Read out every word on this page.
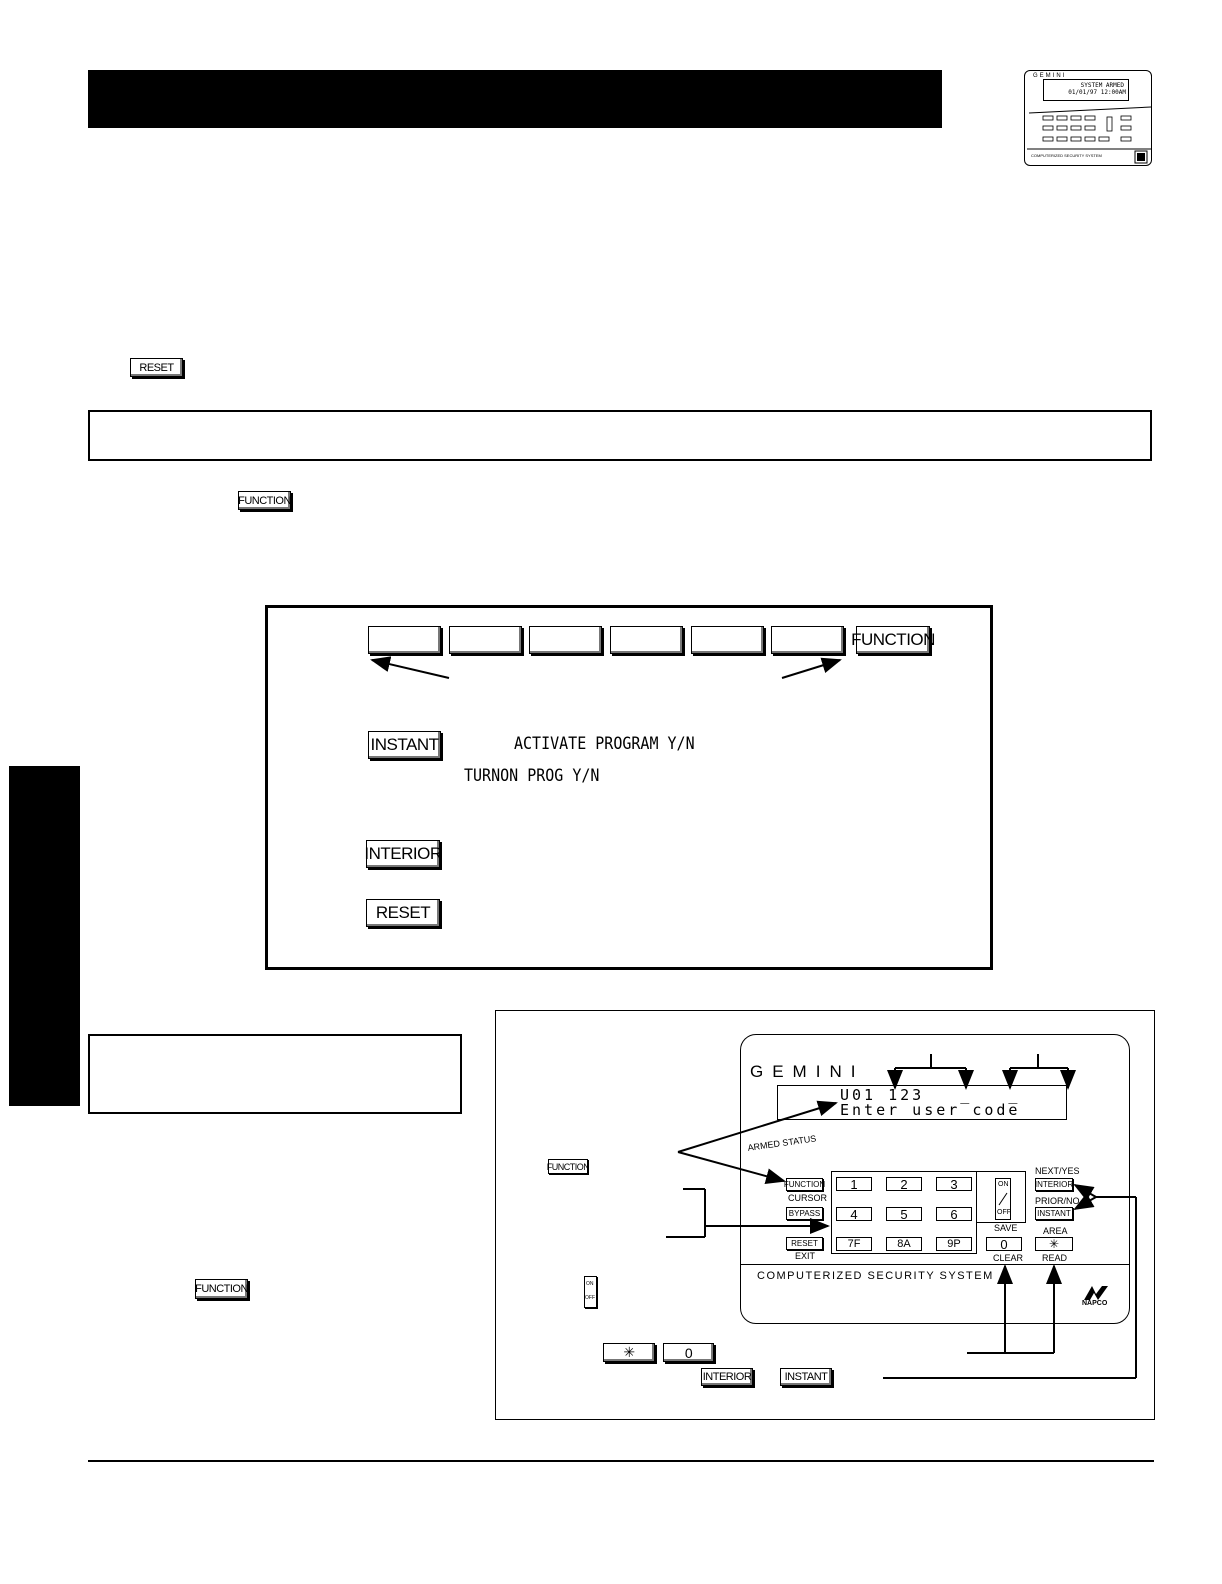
GEMINI
SYSTEM ARMED
01/01/97 12:00AM
COMPUTERIZED SECURITY SYSTEM
RESET
FUNCTION
FUNCTION
INSTANT	ACTIVATE PROGRAM Y/N
TURNON PROG Y/N
INTERIOR
RESET
FUNCTION
GEMINI
U01 123   _   _
Enter user code
ARMED STATUS
FUNCTION
CURSOR
BYPASS
RESET
EXIT
1	2	3
4	5	6
7F	8A	9P	0
ON
OFF
SAVE
CLEAR
NEXT/YES
INTERIOR
PRIOR/NO
INSTANT
AREA
✳
READ
COMPUTERIZED SECURITY SYSTEM
NAPCO
FUNCTION
ON
OFF
✳	0
INTERIOR	INSTANT
